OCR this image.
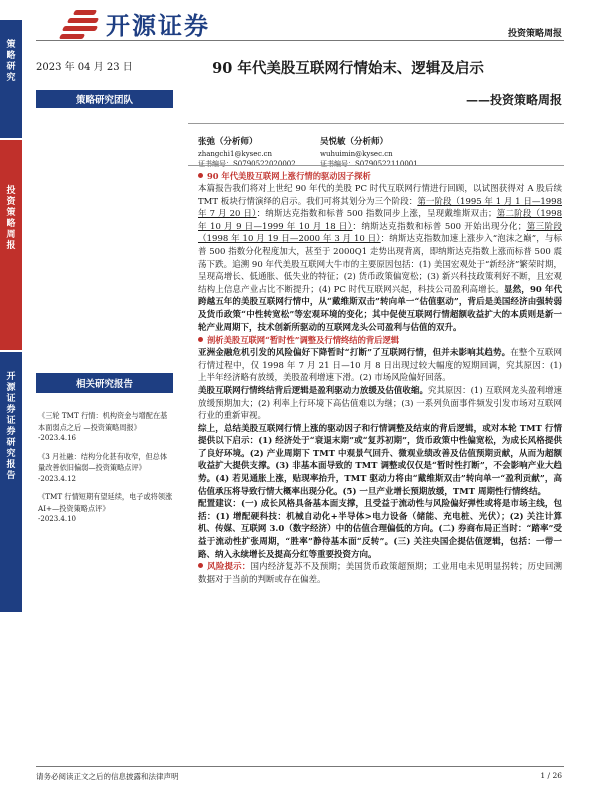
开源证券	投资策略周报
策
略
研
究
投
资
策
略
周
报
开
源
证
券
证
券
研
究
报
告
2023 年 04 月 23 日
策略研究团队
相关研究报告
《三轮 TMT 行情：机构资金与增配在基本面弱点之后 —投资策略周报》
-2023.4.16
《3 月社融：结构分化甚有收窄，但总体量改善依旧偏弱—投资策略点评》
-2023.4.12
《TMT 行情短期有望延续，电子或将领涨 AI+—投资策略点评》
-2023.4.10
90 年代美股互联网行情始末、逻辑及启示
——投资策略周报
张弛（分析师）
zhangchi1@kysec.cn
证书编号：S0790522020002
吴悦敏（分析师）
wuhuimin@kysec.cn
证书编号：S0790522110001
90 年代美股互联网上涨行情的驱动因子探析
本篇报告我们将对上世纪 90 年代的美股 PC 时代互联网行情进行回顾，以试图获得对 A 股后续 TMT 板块行情演绎的启示。我们可将其划分为三个阶段：第一阶段（1995 年 1 月 1 日—1998 年 7 月 20 日）：纳斯达克指数和标普 500 指数同步上涨，呈现戴维斯双击；第二阶段（1998 年 10 月 9 日—1999 年 10 月 18 日）：纳斯达克指数和标普 500 开始出现分化；第三阶段（1998 年 10 月 19 日—2000 年 3 月 10 日）：纳斯达克指数加速上涨步入“泡沫之巅”，与标普 500 指数分化程度加大，甚至于 2000Q1 走势出现背离，即纳斯达克指数上涨而标普 500 震荡下跌。追溯 90 年代美股互联网大牛市的主要原因包括：(1) 美国宏观处于“新经济”繁荣时期，呈现高增长、低通胀、低失业的特征；(2) 货币政策偏宽松；(3) 新兴科技政策利好不断，且宏观结构上信息产业占比不断提升；(4) PC 时代互联网兴起，科技公司盈利高增长。显然，90 年代跨越五年的美股互联网行情中，从“戴维斯双击”转向单一“估值驱动”，背后是美国经济由强转弱及货币政策“中性转宽松”等宏观环境的变化；其中促使互联网行情超额收益扩大的本质则是新一轮产业周期下，技术创新所驱动的互联网龙头公司盈利与估值的双升。
剖析美股互联网“暂时性”调整及行情终结的背后逻辑
亚洲金融危机引发的风险偏好下降暂时“打断”了互联网行情，但并未影响其趋势。在整个互联网行情过程中，仅 1998 年 7 月 21 日—10 月 8 日出现过较大幅度的短期回调，究其原因：(1) 上半年经济略有放缓，美股盈利增速下滑。(2) 市场风险偏好回落。
美股互联网行情终结背后逻辑是盈利驱动力放缓及估值收缩。究其原因：(1) 互联网龙头盈利增速放缓预期加大；(2) 利率上行环境下高估值难以为继；(3) 一系列负面事件频发引发市场对互联网行业的重新审视。
综上，总结美股互联网行情上涨的驱动因子和行情调整及结束的背后逻辑，或对本轮 TMT 行情提供以下启示：(1) 经济处于“衰退末期”或“复苏初期”，货币政策中性偏宽松，为成长风格提供了良好环境。(2) 产业周期下 TMT 中观景气回升、微观业绩改善及估值预期贡献，从而为超额收益扩大提供支撑。(3) 非基本面导致的 TMT 调整或仅仅是“暂时性打断”，不会影响产业大趋势。(4) 若见通胀上涨，贴现率抬升，TMT 驱动力将由“戴维斯双击”转向单一“盈利贡献”，高估值承压将导致行情大概率出现分化。(5) 一旦产业增长预期放缓，TMT 周期性行情终结。
配置建议：(一) 成长风格具备基本面支撑，且受益于流动性与风险偏好弹性或将是市场主线，包括：(1) 增配硬科技：机械自动化+半导体>电力设备（储能、充电桩、光伏）；(2) 关注计算机、传媒、互联网 3.0（数字经济）中的估值合理偏低的方向。(二) 券商布局正当时：“踏率”受益于流动性扩张周期，“胜率”静待基本面“反转”。(三) 关注央国企提估值逻辑，包括：一带一路、纳入永续增长及提高分红等重要投资方向。
风险提示：国内经济复苏不及预期；美国货币政策超预期；工业用电未见明显拐转；历史回溯数据对于当前的判断或存在偏差。
请务必阅读正文之后的信息披露和法律声明	1 / 26
